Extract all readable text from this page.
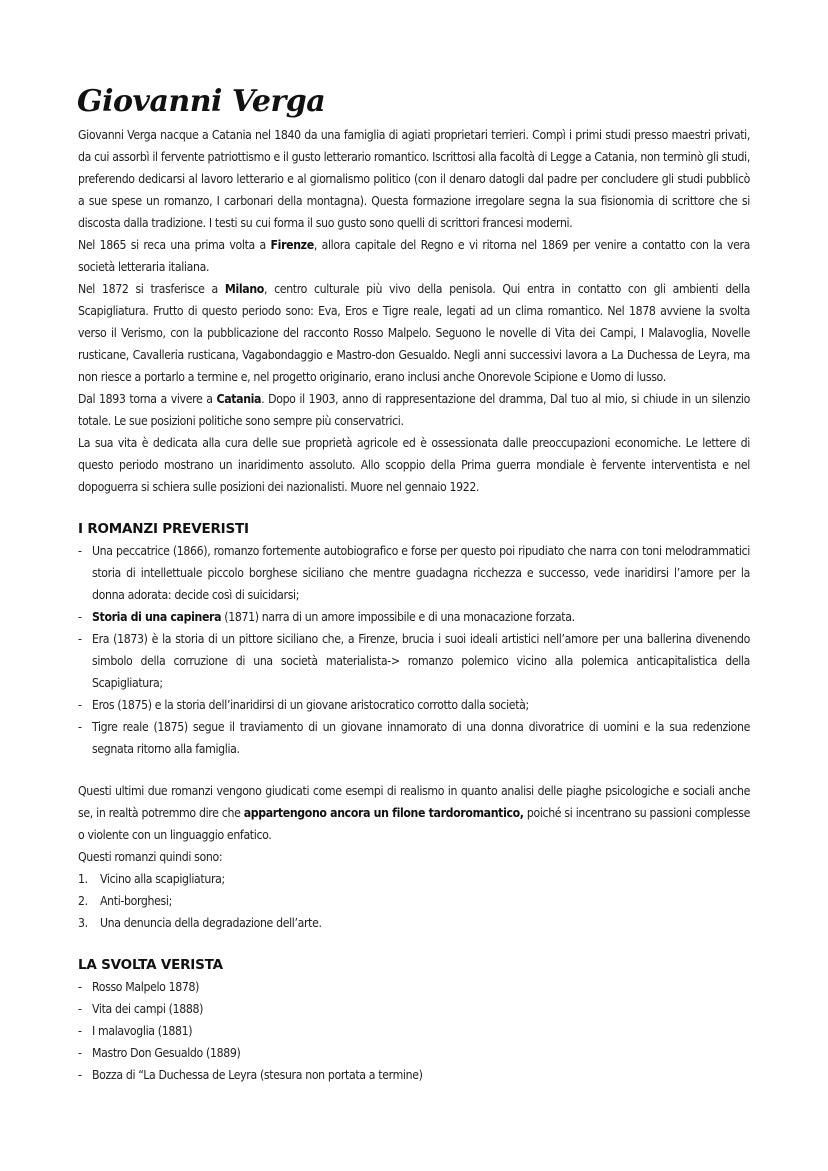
Giovanni Verga

Giovanni Verga nacque a Catania nel 1840 da una famiglia di agiati proprietari terrieri. Compì i primi studi presso maestri privati, da cui assorbì il fervente patriottismo e il gusto letterario romantico. Iscrittosi alla facoltà di Legge a Catania, non terminò gli studi, preferendo dedicarsi al lavoro letterario e al giornalismo politico (con il denaro datogli dal padre per concludere gli studi pubblicò a sue spese un romanzo, I carbonari della montagna). Questa formazione irregolare segna la sua fisionomia di scrittore che si discosta dalla tradizione. I testi su cui forma il suo gusto sono quelli di scrittori francesi moderni.

Nel 1865 si reca una prima volta a Firenze, allora capitale del Regno e vi ritorna nel 1869 per venire a contatto con la vera società letteraria italiana.

Nel 1872 si trasferisce a Milano, centro culturale più vivo della penisola. Qui entra in contatto con gli ambienti della Scapigliatura. Frutto di questo periodo sono: Eva, Eros e Tigre reale, legati ad un clima romantico. Nel 1878 avviene la svolta verso il Verismo, con la pubblicazione del racconto Rosso Malpelo. Seguono le novelle di Vita dei Campi, I Malavoglia, Novelle rusticane, Cavalleria rusticana, Vagabondaggio e Mastro-don Gesualdo. Negli anni successivi lavora a La Duchessa de Leyra, ma non riesce a portarlo a termine e, nel progetto originario, erano inclusi anche Onorevole Scipione e Uomo di lusso.

Dal 1893 torna a vivere a Catania. Dopo il 1903, anno di rappresentazione del dramma, Dal tuo al mio, si chiude in un silenzio totale. Le sue posizioni politiche sono sempre più conservatrici.

La sua vita è dedicata alla cura delle sue proprietà agricole ed è ossessionata dalle preoccupazioni economiche. Le lettere di questo periodo mostrano un inaridimento assoluto. Allo scoppio della Prima guerra mondiale è fervente interventista e nel dopoguerra si schiera sulle posizioni dei nazionalisti. Muore nel gennaio 1922.

I ROMANZI PREVERISTI
- Una peccatrice (1866), romanzo fortemente autobiografico e forse per questo poi ripudiato che narra con toni melodrammatici storia di intellettuale piccolo borghese siciliano che mentre guadagna ricchezza e successo, vede inaridirsi l’amore per la donna adorata: decide così di suicidarsi;
- Storia di una capinera (1871) narra di un amore impossibile e di una monacazione forzata.
- Era (1873) è la storia di un pittore siciliano che, a Firenze, brucia i suoi ideali artistici nell’amore per una ballerina divenendo simbolo della corruzione di una società materialista-> romanzo polemico vicino alla polemica anticapitalistica della Scapigliatura;
- Eros (1875) e la storia dell’inaridirsi di un giovane aristocratico corrotto dalla società;
- Tigre reale (1875) segue il traviamento di un giovane innamorato di una donna divoratrice di uomini e la sua redenzione segnata ritorno alla famiglia.

Questi ultimi due romanzi vengono giudicati come esempi di realismo in quanto analisi delle piaghe psicologiche e sociali anche se, in realtà potremmo dire che appartengono ancora un filone tardoromantico, poiché si incentrano su passioni complesse o violente con un linguaggio enfatico.

Questi romanzi quindi sono:

1. Vicino alla scapigliatura;
2. Anti-borghesi;
3. Una denuncia della degradazione dell’arte.
LA SVOLTA VERISTA
- Rosso Malpelo 1878)
- Vita dei campi (1888)
- I malavoglia (1881)
- Mastro Don Gesualdo (1889)
- Bozza di “La Duchessa de Leyra (stesura non portata a termine)
